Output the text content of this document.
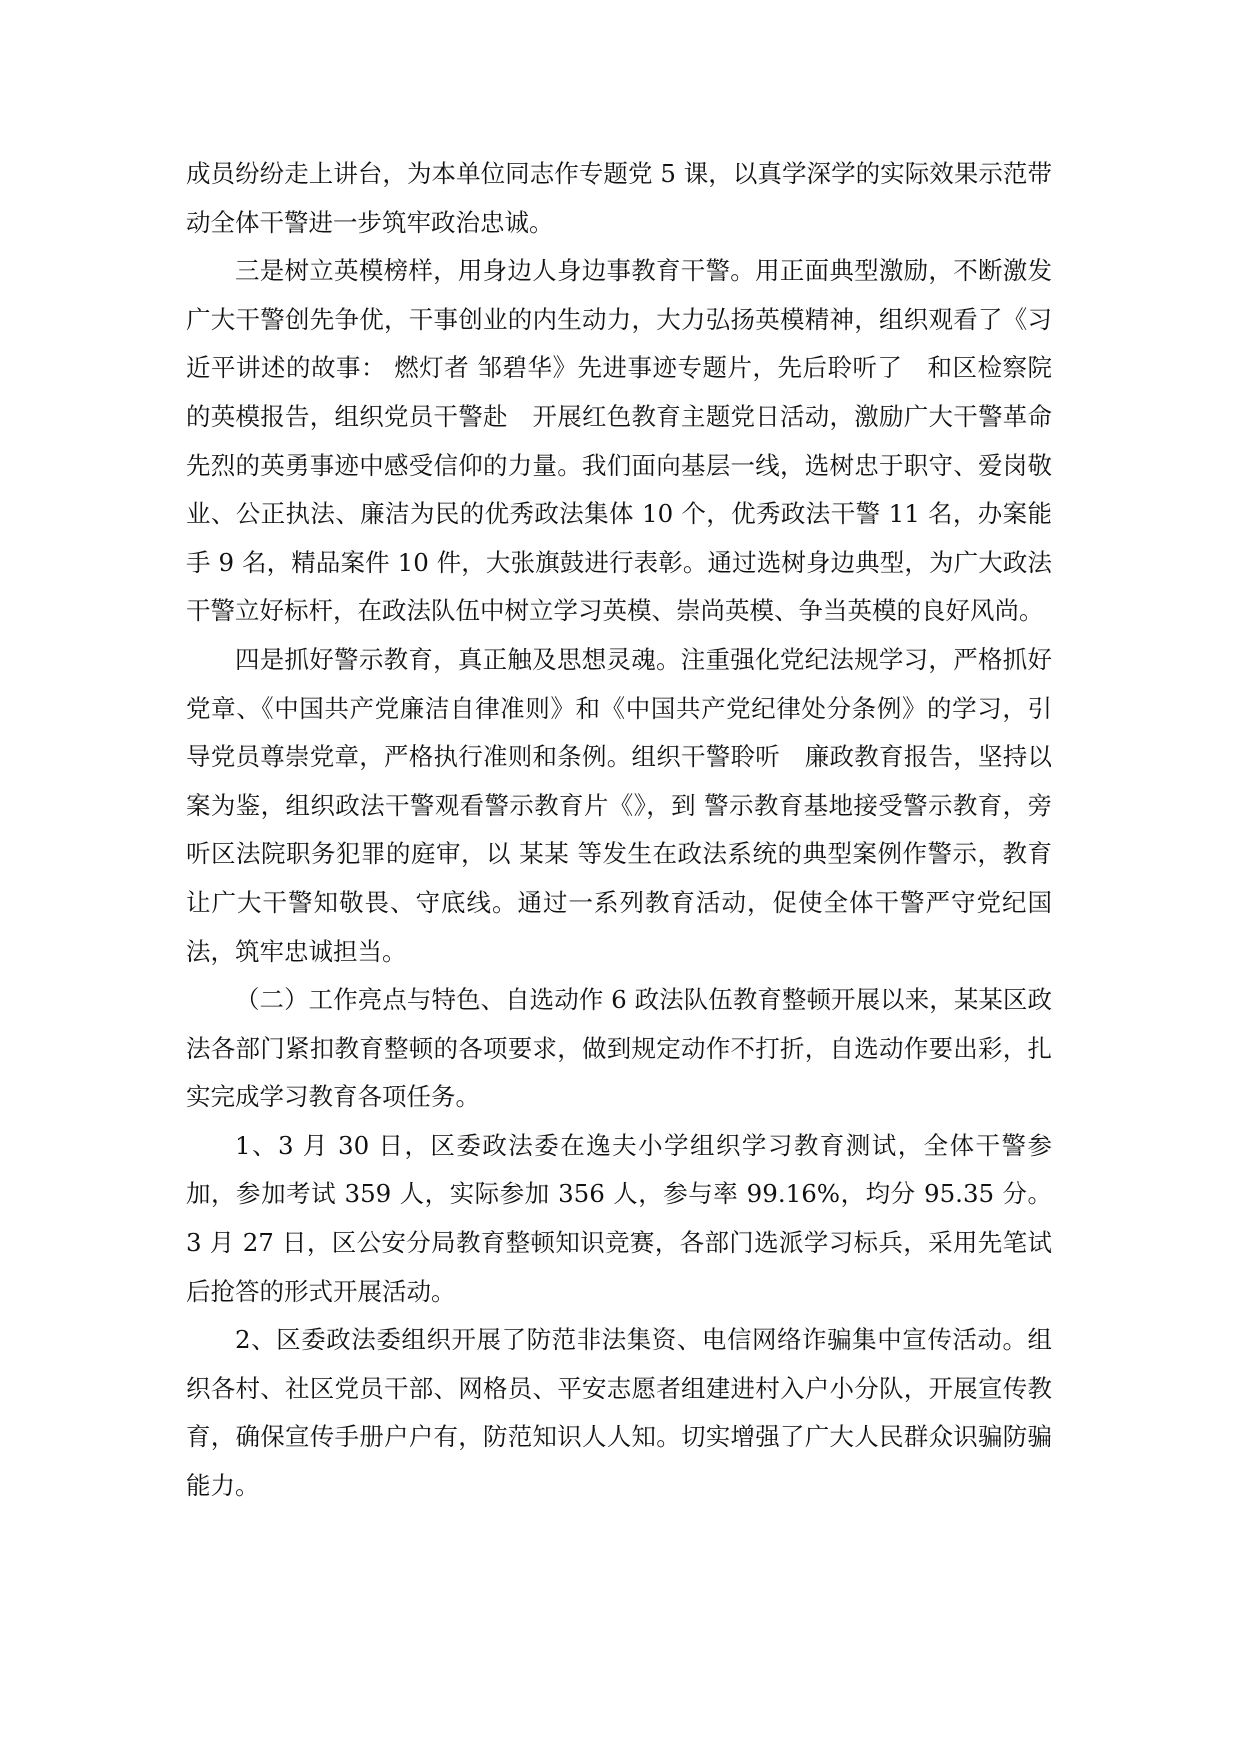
成员纷纷走上讲台，为本单位同志作专题党 5 课，以真学深学的实际效果示范带动全体干警进一步筑牢政治忠诚。

三是树立英模榜样，用身边人身边事教育干警。用正面典型激励，不断激发广大干警创先争优，干事创业的内生动力，大力弘扬英模精神，组织观看了《习近平讲述的故事： 燃灯者 邹碧华》先进事迹专题片，先后聆听了　和区检察院　的英模报告，组织党员干警赴　开展红色教育主题党日活动，激励广大干警革命先烈的英勇事迹中感受信仰的力量。我们面向基层一线，选树忠于职守、爱岗敬业、公正执法、廉洁为民的优秀政法集体 10 个，优秀政法干警 11 名，办案能手 9 名，精品案件 10 件，大张旗鼓进行表彰。通过选树身边典型，为广大政法干警立好标杆，在政法队伍中树立学习英模、崇尚英模、争当英模的良好风尚。

四是抓好警示教育，真正触及思想灵魂。注重强化党纪法规学习，严格抓好党章、《中国共产党廉洁自律准则》和《中国共产党纪律处分条例》的学习，引导党员尊崇党章，严格执行准则和条例。组织干警聆听　廉政教育报告，坚持以案为鉴，组织政法干警观看警示教育片《》，到 警示教育基地接受警示教育，旁听区法院职务犯罪的庭审，以 某某 等发生在政法系统的典型案例作警示，教育让广大干警知敬畏、守底线。通过一系列教育活动，促使全体干警严守党纪国法，筑牢忠诚担当。

（二）工作亮点与特色、自选动作 6 政法队伍教育整顿开展以来，某某区政法各部门紧扣教育整顿的各项要求，做到规定动作不打折，自选动作要出彩，扎实完成学习教育各项任务。

1、3 月 30 日，区委政法委在逸夫小学组织学习教育测试，全体干警参加，参加考试 359 人，实际参加 356 人，参与率 99.16%，均分 95.35 分。3 月 27 日，区公安分局教育整顿知识竞赛，各部门选派学习标兵，采用先笔试后抢答的形式开展活动。

2、区委政法委组织开展了防范非法集资、电信网络诈骗集中宣传活动。组织各村、社区党员干部、网格员、平安志愿者组建进村入户小分队，开展宣传教育，确保宣传手册户户有，防范知识人人知。切实增强了广大人民群众识骗防骗能力。
